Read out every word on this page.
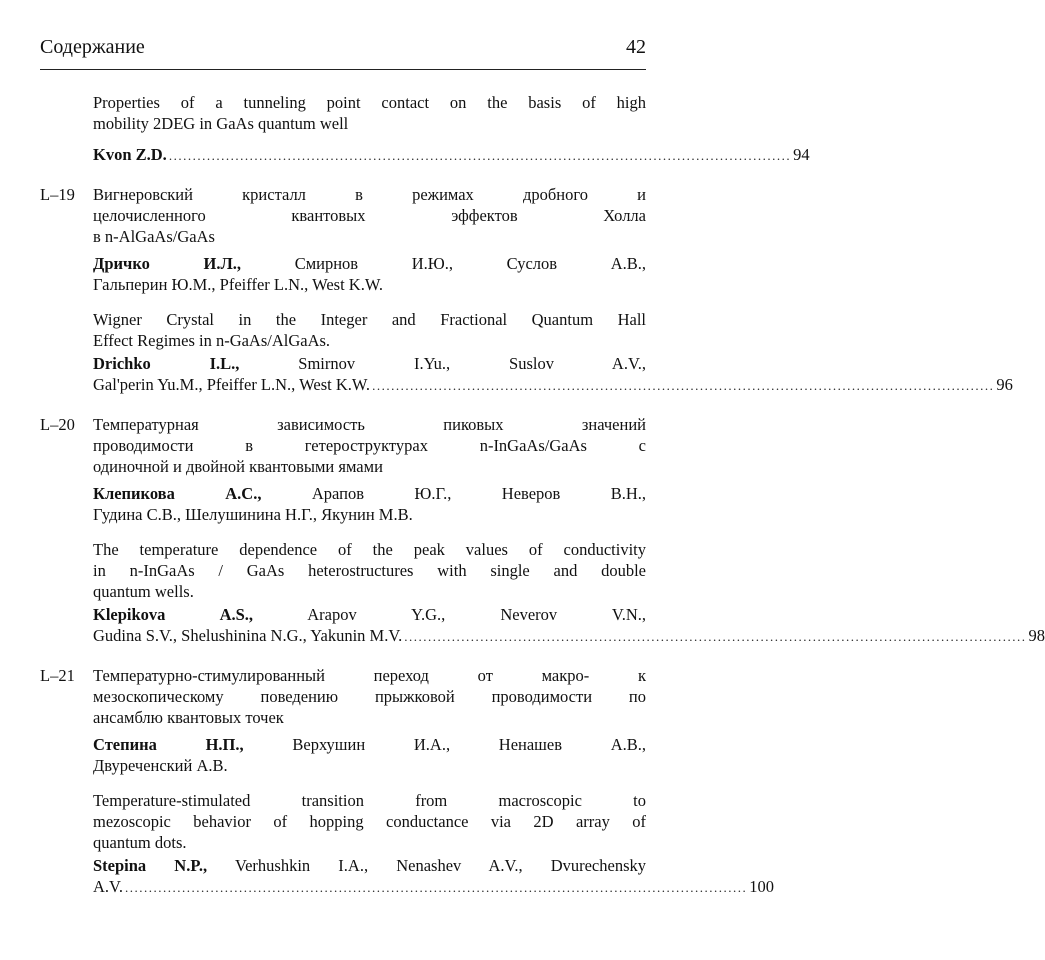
Содержание	42
Properties of a tunneling point contact on the basis of high
mobility 2DEG in GaAs quantum well
Kvon Z.D. ................................................................................................................................... 94
L–19 Вигнеровский кристалл в режимах дробного и
целочисленного квантовых эффектов Холла
в n-AlGaAs/GaAs
Дричко И.Л.,	Смирнов И.Ю., Суслов А.В.,
Гальперин Ю.М., Pfeiffer L.N., West K.W.
Wigner Crystal in the Integer and Fractional Quantum Hall
Effect Regimes in n-GaAs/AlGaAs.
Drichko I.L.,	Smirnov I.Yu., Suslov A.V.,
Gal'perin Yu.M., Pfeiffer L.N., West K.W. ................................................................................................................................... 96
L–20 Температурная зависимость пиковых значений
проводимости в гетероструктурах n-InGaAs/GaAs с
одиночной и двойной квантовыми ямами
Клепикова А.С.,	Арапов Ю.Г., Неверов В.Н.,
Гудина С.В., Шелушинина Н.Г., Якунин М.В.
The temperature dependence of the peak values of conductivity
in n-InGaAs / GaAs heterostructures with single and double
quantum wells.
Klepikova A.S.,	Arapov Y.G., Neverov V.N.,
Gudina S.V., Shelushinina N.G., Yakunin M.V. ................................................................................................................................... 98
L–21 Температурно-стимулированный переход от макро- к
мезоскопическому поведению прыжковой проводимости по
ансамблю квантовых точек
Степина Н.П.,	Верхушин И.А., Ненашев А.В.,
Двуреченский А.В.
Temperature-stimulated transition from macroscopic to
mezoscopic behavior of hopping conductance via 2D array of
quantum dots.
Stepina N.P., Verhushkin I.A., Nenashev A.V., Dvurechensky
A.V. ................................................................................................................................... 100
